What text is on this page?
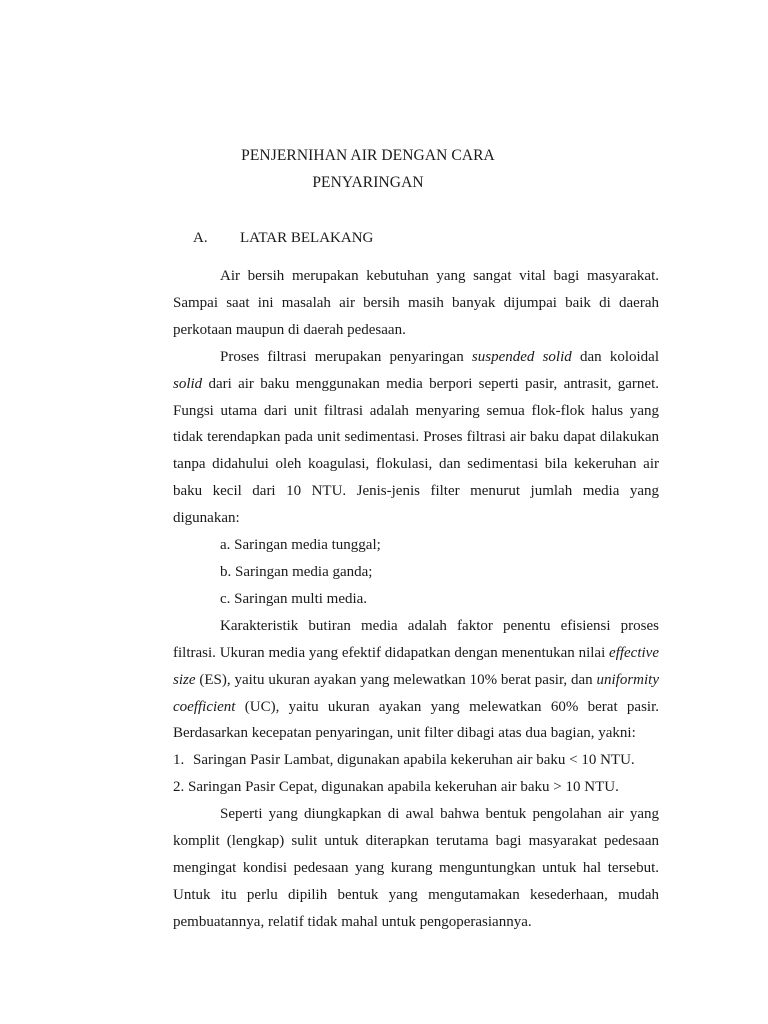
PENJERNIHAN AIR DENGAN CARA
PENYARINGAN
A. LATAR BELAKANG

Air bersih merupakan kebutuhan yang sangat vital bagi masyarakat. Sampai saat ini masalah air bersih masih banyak dijumpai baik di daerah perkotaan maupun di daerah pedesaan.

Proses filtrasi merupakan penyaringan suspended solid dan koloidal solid dari air baku menggunakan media berpori seperti pasir, antrasit, garnet. Fungsi utama dari unit filtrasi adalah menyaring semua flok-flok halus yang tidak terendapkan pada unit sedimentasi. Proses filtrasi air baku dapat dilakukan tanpa didahului oleh koagulasi, flokulasi, dan sedimentasi bila kekeruhan air baku kecil dari 10 NTU. Jenis-jenis filter menurut jumlah media yang digunakan:

a. Saringan media tunggal;
b. Saringan media ganda;
c. Saringan multi media.

Karakteristik butiran media adalah faktor penentu efisiensi proses filtrasi. Ukuran media yang efektif didapatkan dengan menentukan nilai effective size (ES), yaitu ukuran ayakan yang melewatkan 10% berat pasir, dan uniformity coefficient (UC), yaitu ukuran ayakan yang melewatkan 60% berat pasir. Berdasarkan kecepatan penyaringan, unit filter dibagi atas dua bagian, yakni:

1. Saringan Pasir Lambat, digunakan apabila kekeruhan air baku < 10 NTU.
2. Saringan Pasir Cepat, digunakan apabila kekeruhan air baku > 10 NTU.

Seperti yang diungkapkan di awal bahwa bentuk pengolahan air yang komplit (lengkap) sulit untuk diterapkan terutama bagi masyarakat pedesaan mengingat kondisi pedesaan yang kurang menguntungkan untuk hal tersebut. Untuk itu perlu dipilih bentuk yang mengutamakan kesederhaan, mudah pembuatannya, relatif tidak mahal untuk pengoperasiannya.
